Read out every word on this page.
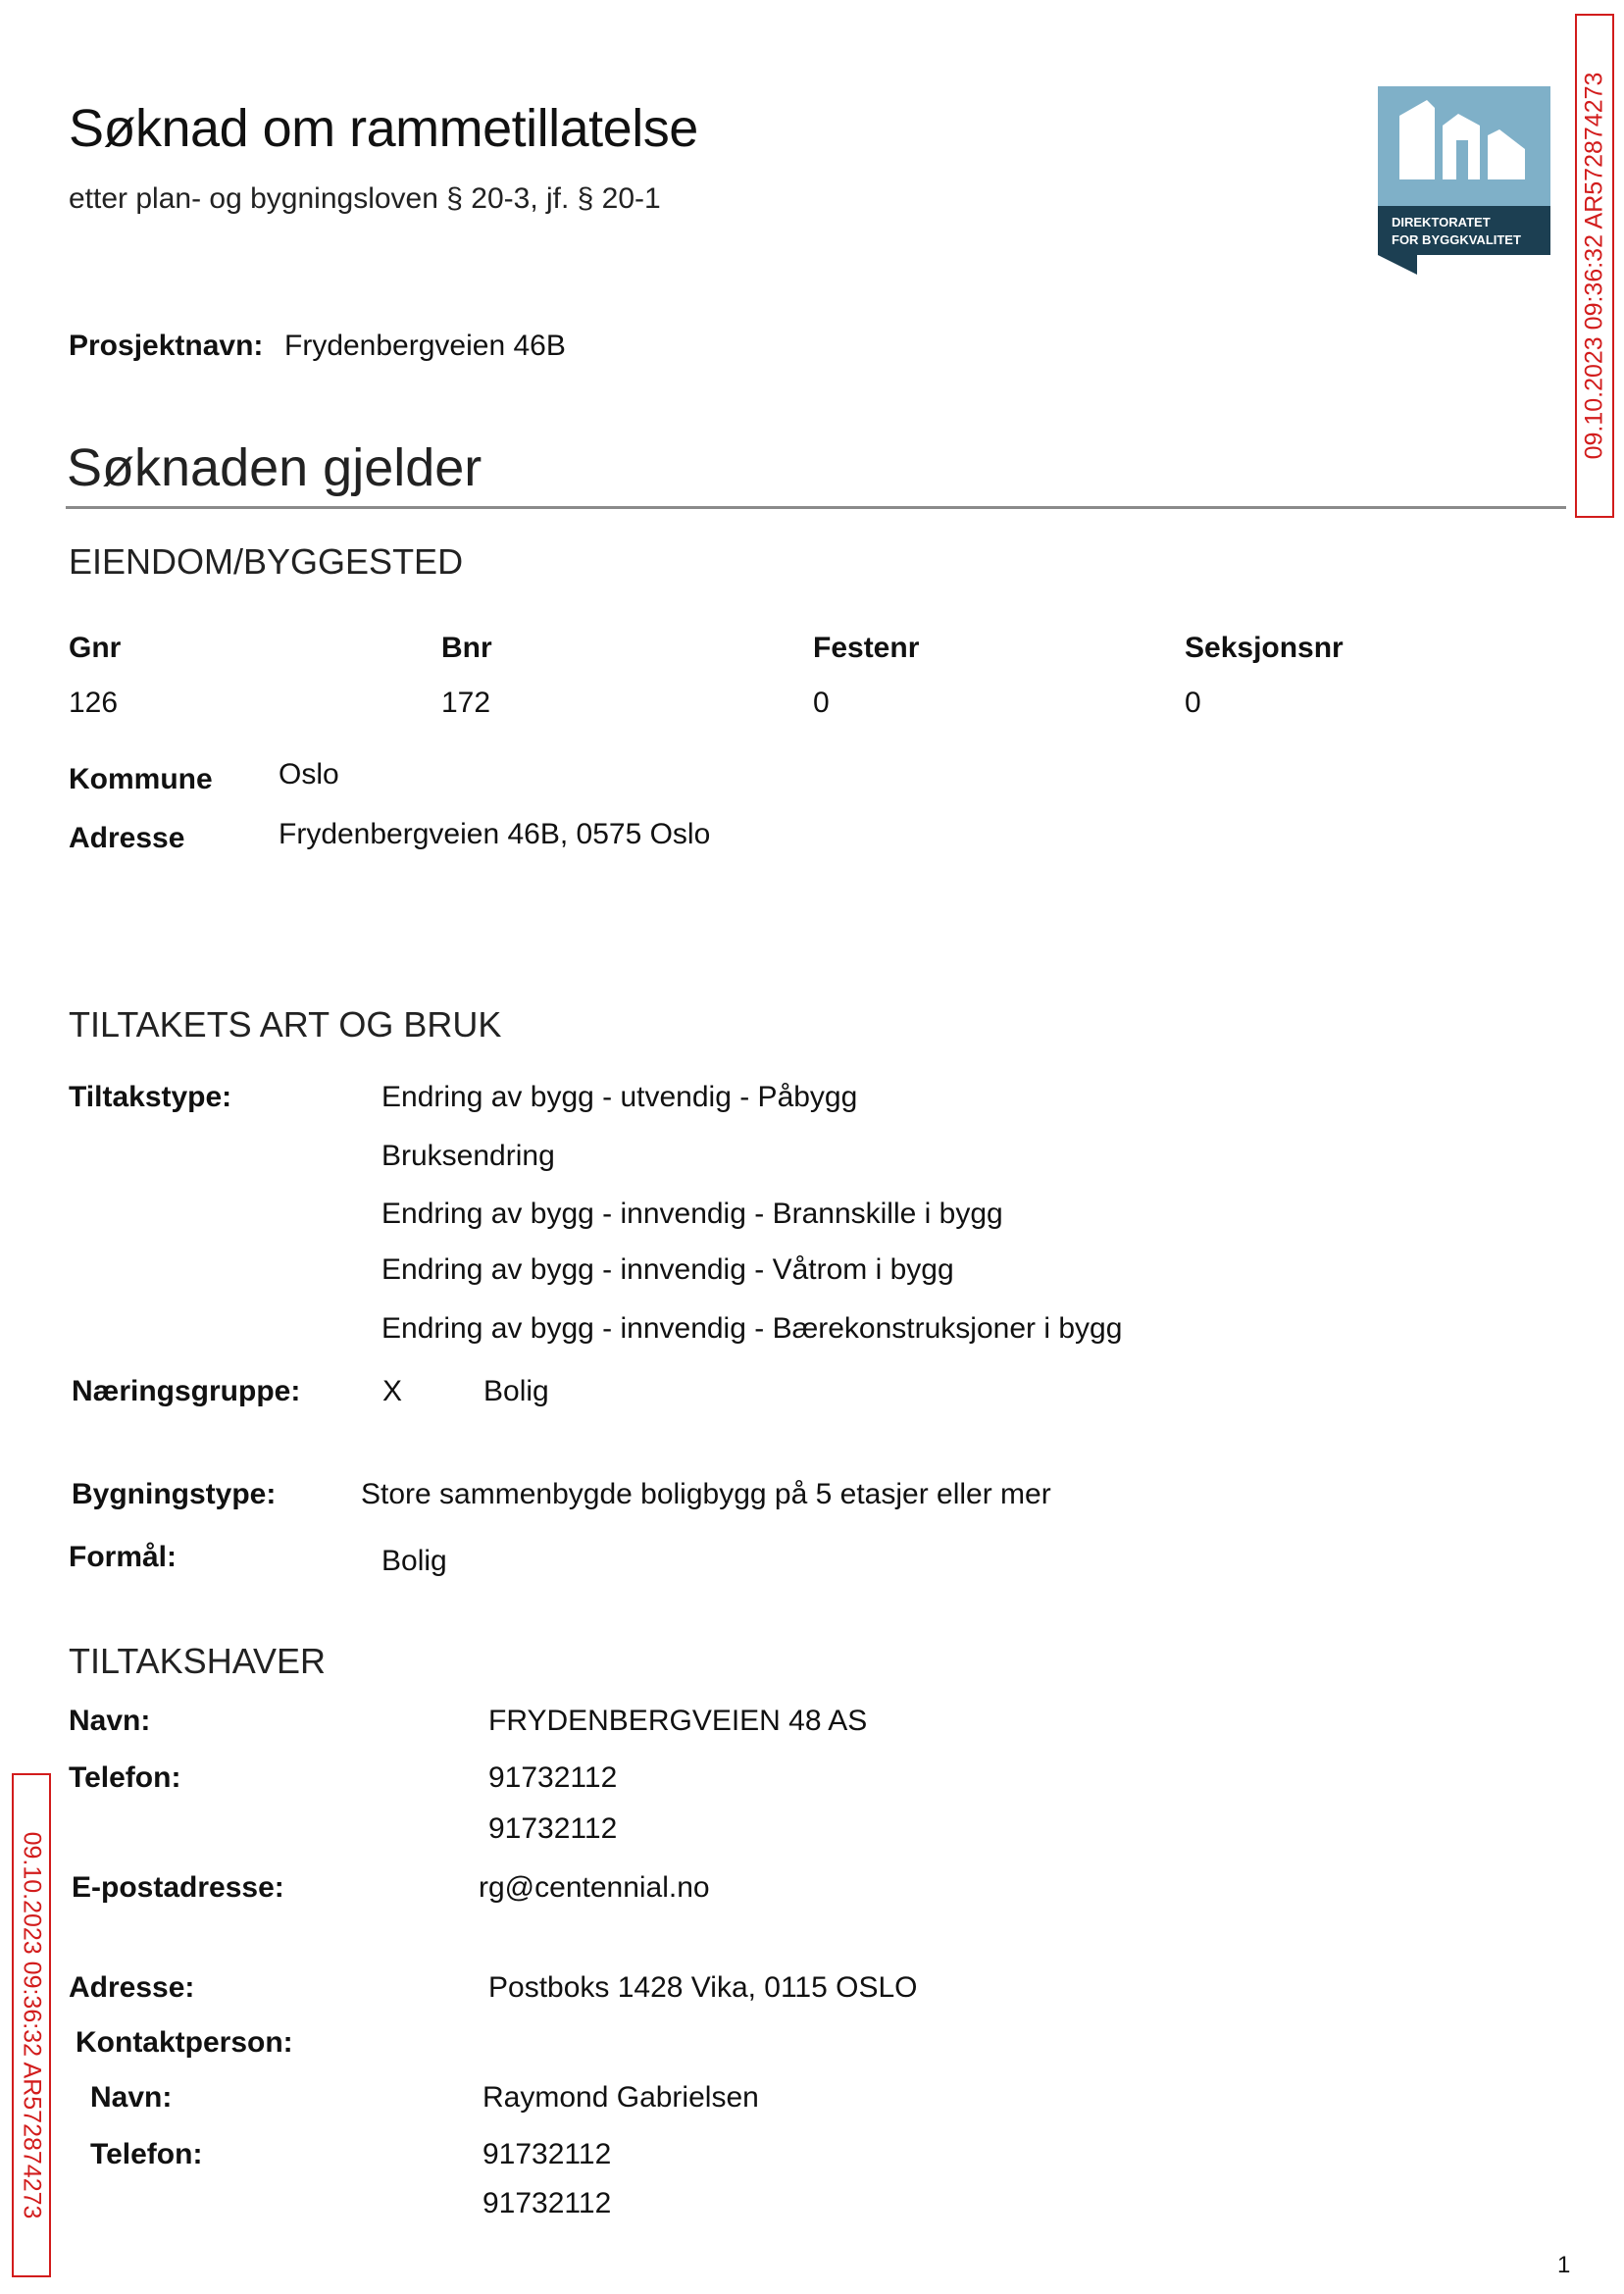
Søknad om rammetillatelse
etter plan- og bygningsloven § 20-3, jf. § 20-1
DIREKTORATET
FOR BYGGKVALITET 09.10.2023 09:36:32 AR572874273
09.10.2023 09:36:32 AR572874273
Prosjektnavn: Frydenbergveien 46B
Søknaden gjelder
EIENDOM/BYGGESTED
Gnr	Bnr	Festenr	Seksjonsnr
126	172	0	0
Kommune Oslo
Adresse	Frydenbergveien 46B, 0575 Oslo
TILTAKETS ART OG BRUK
Tiltakstype:	Endring av bygg - utvendig - Påbygg
Bruksendring
Endring av bygg - innvendig - Brannskille i bygg
Endring av bygg - innvendig - Våtrom i bygg
Endring av bygg - innvendig - Bærekonstruksjoner i bygg
Næringsgruppe:	X	Bolig
Bygningstype:	Store sammenbygde boligbygg på 5 etasjer eller mer
Formål:	Bolig
TILTAKSHAVER
Navn:	FRYDENBERGVEIEN 48 AS
Telefon:	91732112
91732112
E-postadresse:	rg@centennial.no
Adresse:	Postboks 1428 Vika, 0115 OSLO
Kontaktperson:
Navn:	Raymond Gabrielsen
Telefon:	91732112
91732112
1
